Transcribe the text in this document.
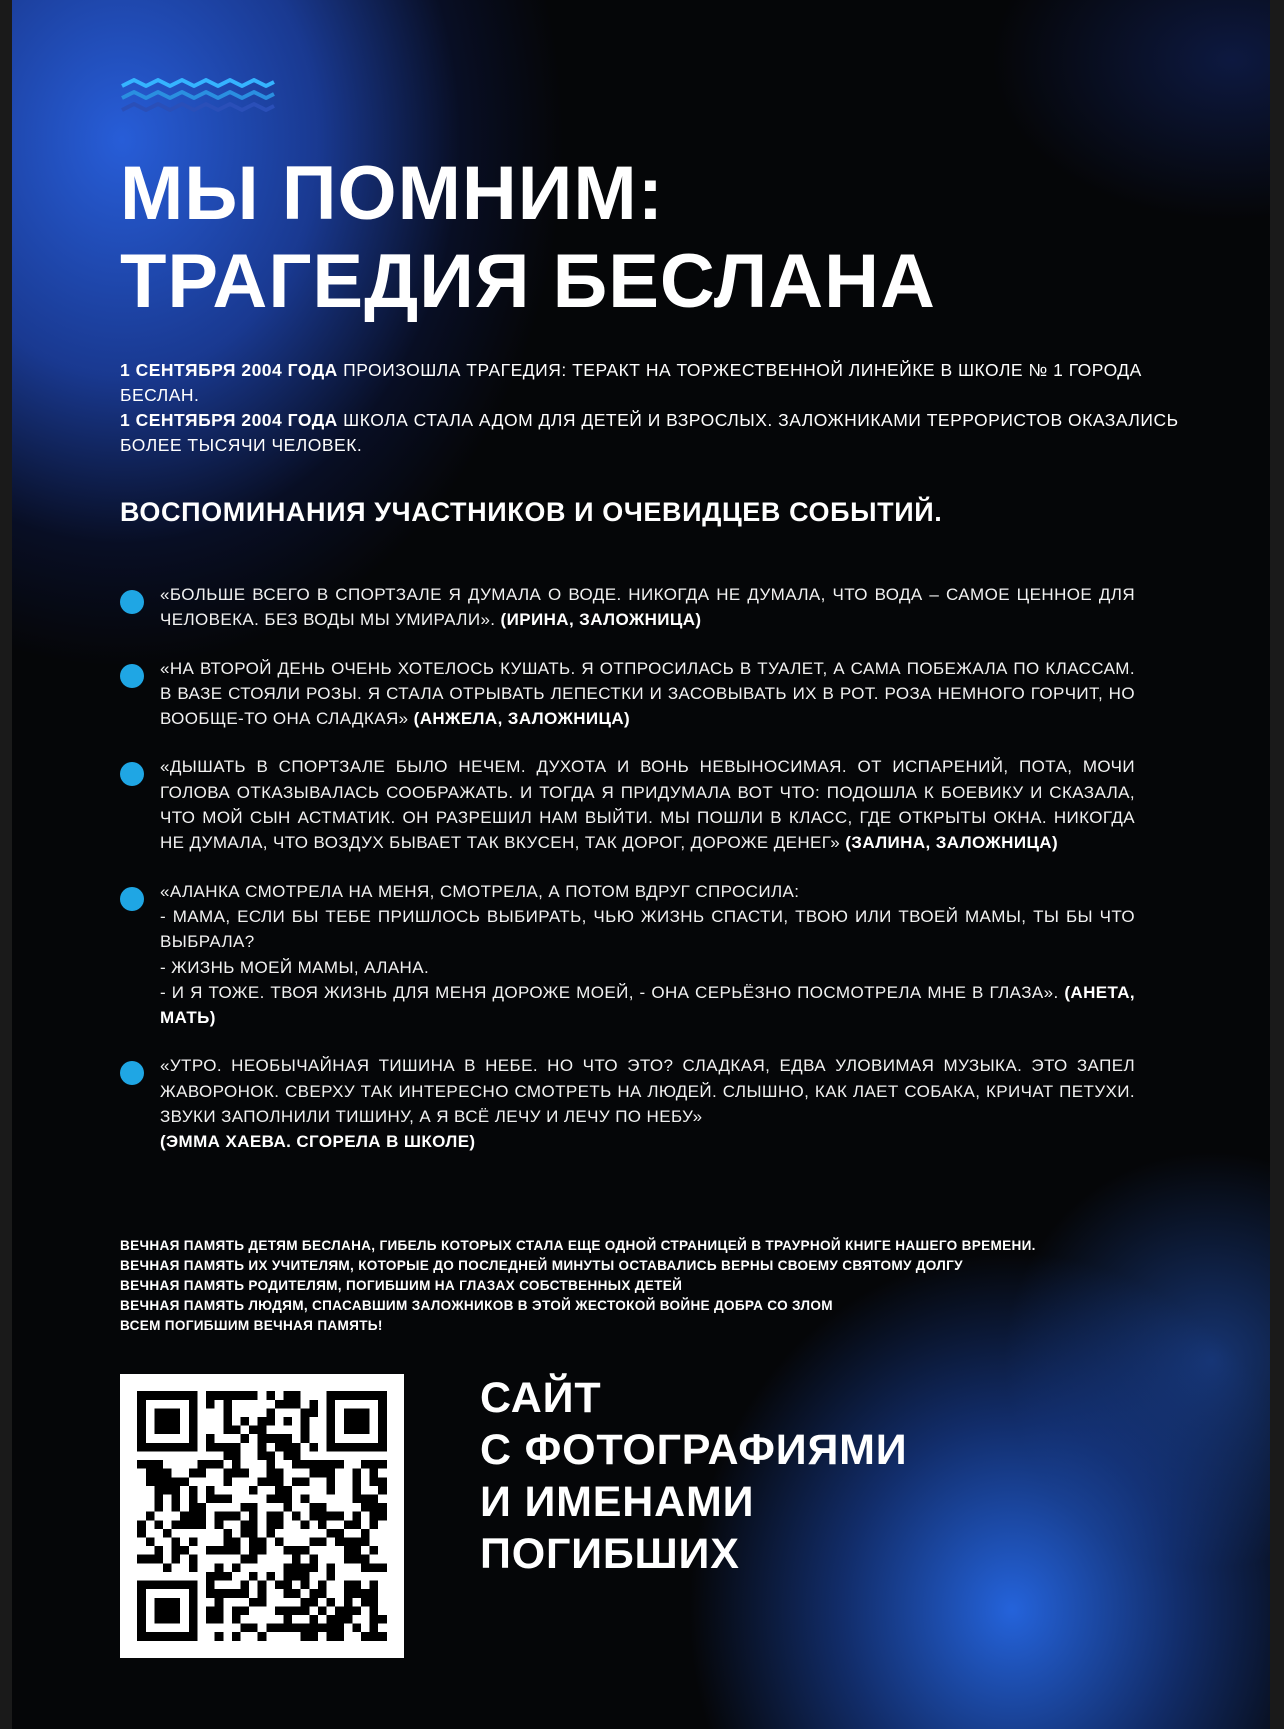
МЫ ПОМНИМ:
ТРАГЕДИЯ БЕСЛАНА

1 СЕНТЯБРЯ 2004 ГОДА ПРОИЗОШЛА ТРАГЕДИЯ: ТЕРАКТ НА ТОРЖЕСТВЕННОЙ ЛИНЕЙКЕ В ШКОЛЕ № 1 ГОРОДА БЕСЛАН.
1 СЕНТЯБРЯ 2004 ГОДА ШКОЛА СТАЛА АДОМ ДЛЯ ДЕТЕЙ И ВЗРОСЛЫХ. ЗАЛОЖНИКАМИ ТЕРРОРИСТОВ ОКАЗАЛИСЬ БОЛЕЕ ТЫСЯЧИ ЧЕЛОВЕК.

ВОСПОМИНАНИЯ УЧАСТНИКОВ И ОЧЕВИДЦЕВ СОБЫТИЙ.
«БОЛЬШЕ ВСЕГО В СПОРТЗАЛЕ Я ДУМАЛА О ВОДЕ. НИКОГДА НЕ ДУМАЛА, ЧТО ВОДА – САМОЕ ЦЕННОЕ ДЛЯ ЧЕЛОВЕКА. БЕЗ ВОДЫ МЫ УМИРАЛИ». (ИРИНА, ЗАЛОЖНИЦА)
«НА ВТОРОЙ ДЕНЬ ОЧЕНЬ ХОТЕЛОСЬ КУШАТЬ. Я ОТПРОСИЛАСЬ В ТУАЛЕТ, А САМА ПОБЕЖАЛА ПО КЛАССАМ. В ВАЗЕ СТОЯЛИ РОЗЫ. Я СТАЛА ОТРЫВАТЬ ЛЕПЕСТКИ И ЗАСОВЫВАТЬ ИХ В РОТ. РОЗА НЕМНОГО ГОРЧИТ, НО ВООБЩЕ-ТО ОНА СЛАДКАЯ» (АНЖЕЛА, ЗАЛОЖНИЦА)
«ДЫШАТЬ В СПОРТЗАЛЕ БЫЛО НЕЧЕМ. ДУХОТА И ВОНЬ НЕВЫНОСИМАЯ. ОТ ИСПАРЕНИЙ, ПОТА, МОЧИ ГОЛОВА ОТКАЗЫВАЛАСЬ СООБРАЖАТЬ. И ТОГДА Я ПРИДУМАЛА ВОТ ЧТО: ПОДОШЛА К БОЕВИКУ И СКАЗАЛА, ЧТО МОЙ СЫН АСТМАТИК. ОН РАЗРЕШИЛ НАМ ВЫЙТИ. МЫ ПОШЛИ В КЛАСС, ГДЕ ОТКРЫТЫ ОКНА. НИКОГДА НЕ ДУМАЛА, ЧТО ВОЗДУХ БЫВАЕТ ТАК ВКУСЕН, ТАК ДОРОГ, ДОРОЖЕ ДЕНЕГ» (ЗАЛИНА, ЗАЛОЖНИЦА)

«АЛАНКА СМОТРЕЛА НА МЕНЯ, СМОТРЕЛА, А ПОТОМ ВДРУГ СПРОСИЛА:

- МАМА, ЕСЛИ БЫ ТЕБЕ ПРИШЛОСЬ ВЫБИРАТЬ, ЧЬЮ ЖИЗНЬ СПАСТИ, ТВОЮ ИЛИ ТВОЕЙ МАМЫ, ТЫ БЫ ЧТО ВЫБРАЛА?

- ЖИЗНЬ МОЕЙ МАМЫ, АЛАНА.

- И Я ТОЖЕ. ТВОЯ ЖИЗНЬ ДЛЯ МЕНЯ ДОРОЖЕ МОЕЙ, - ОНА СЕРЬЁЗНО ПОСМОТРЕЛА МНЕ В ГЛАЗА». (АНЕТА, МАТЬ)

«УТРО. НЕОБЫЧАЙНАЯ ТИШИНА В НЕБЕ. НО ЧТО ЭТО? СЛАДКАЯ, ЕДВА УЛОВИМАЯ МУЗЫКА. ЭТО ЗАПЕЛ ЖАВОРОНОК. СВЕРХУ ТАК ИНТЕРЕСНО СМОТРЕТЬ НА ЛЮДЕЙ. СЛЫШНО, КАК ЛАЕТ СОБАКА, КРИЧАТ ПЕТУХИ. ЗВУКИ ЗАПОЛНИЛИ ТИШИНУ, А Я ВСЁ ЛЕЧУ И ЛЕЧУ ПО НЕБУ»
(ЭММА ХАЕВА. СГОРЕЛА В ШКОЛЕ)

ВЕЧНАЯ ПАМЯТЬ ДЕТЯМ БЕСЛАНА, ГИБЕЛЬ КОТОРЫХ СТАЛА ЕЩЕ ОДНОЙ СТРАНИЦЕЙ В ТРАУРНОЙ КНИГЕ НАШЕГО ВРЕМЕНИ.
ВЕЧНАЯ ПАМЯТЬ ИХ УЧИТЕЛЯМ, КОТОРЫЕ ДО ПОСЛЕДНЕЙ МИНУТЫ ОСТАВАЛИСЬ ВЕРНЫ СВОЕМУ СВЯТОМУ ДОЛГУ
ВЕЧНАЯ ПАМЯТЬ РОДИТЕЛЯМ, ПОГИБШИМ НА ГЛАЗАХ СОБСТВЕННЫХ ДЕТЕЙ
ВЕЧНАЯ ПАМЯТЬ ЛЮДЯМ, СПАСАВШИМ ЗАЛОЖНИКОВ В ЭТОЙ ЖЕСТОКОЙ ВОЙНЕ ДОБРА СО ЗЛОМ
ВСЕМ ПОГИБШИМ ВЕЧНАЯ ПАМЯТЬ!

САЙТ
С ФОТОГРАФИЯМИ
И ИМЕНАМИ
ПОГИБШИХ
